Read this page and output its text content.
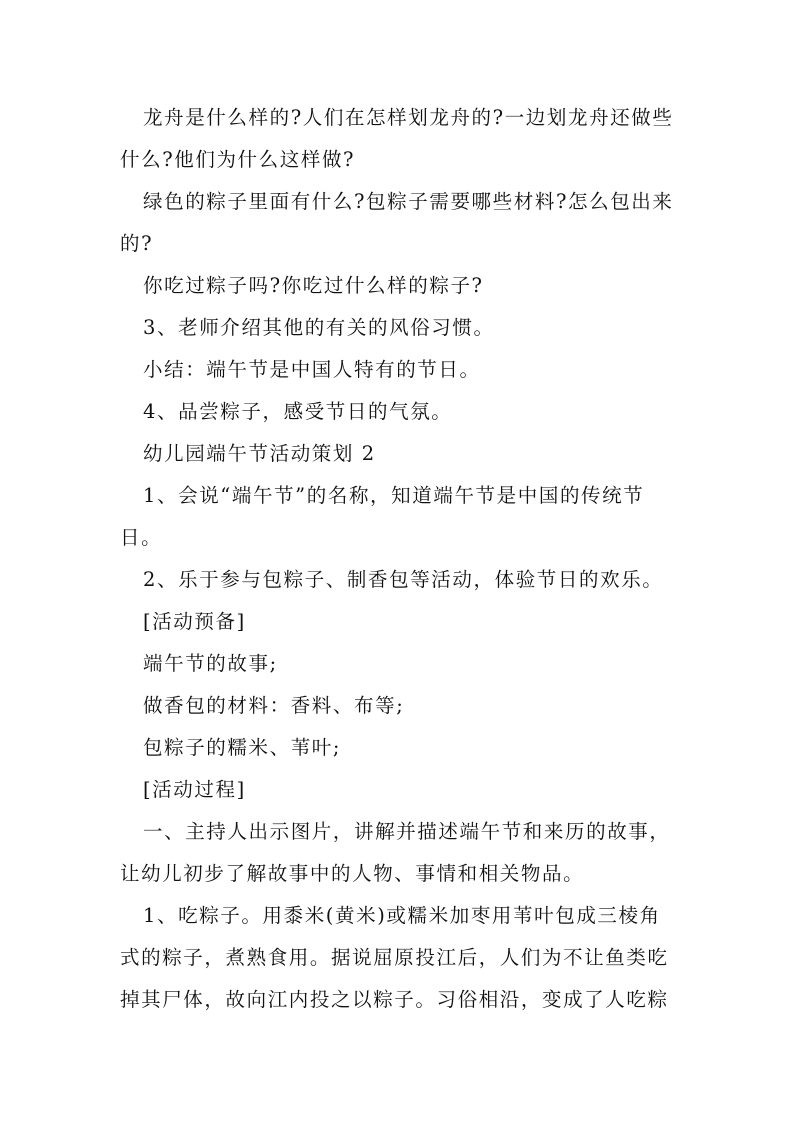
龙舟是什么样的?人们在怎样划龙舟的?一边划龙舟还做些

什么?他们为什么这样做?

绿色的粽子里面有什么?包粽子需要哪些材料?怎么包出来

的?

你吃过粽子吗?你吃过什么样的粽子?

3、老师介绍其他的有关的风俗习惯。

小结：端午节是中国人特有的节日。

4、品尝粽子，感受节日的气氛。

幼儿园端午节活动策划 2

1、会说“端午节”的名称，知道端午节是中国的传统节

日。

2、乐于参与包粽子、制香包等活动，体验节日的欢乐。

[活动预备]

端午节的故事;

做香包的材料：香料、布等;

包粽子的糯米、苇叶;

[活动过程]

一、主持人出示图片，讲解并描述端午节和来历的故事，

让幼儿初步了解故事中的人物、事情和相关物品。

1、吃粽子。用黍米(黄米)或糯米加枣用苇叶包成三棱角

式的粽子，煮熟食用。据说屈原投江后，人们为不让鱼类吃

掉其尸体，故向江内投之以粽子。习俗相沿，变成了人吃粽
